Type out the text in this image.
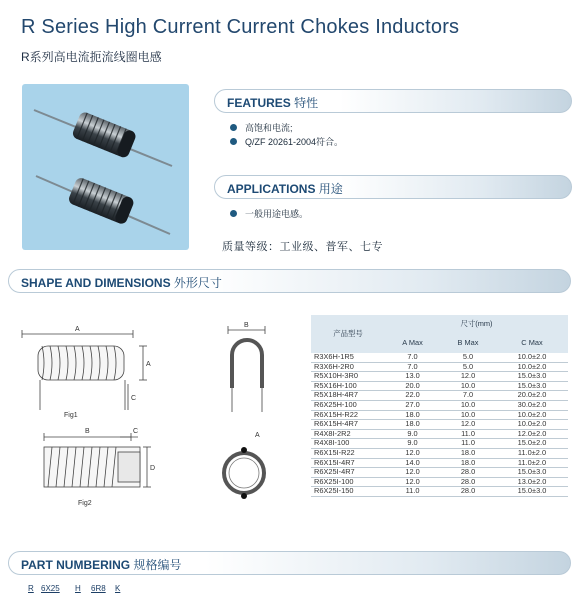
R Series High Current Current Chokes Inductors
R系列高电流扼流线圈电感
FEATURES 特性
高饱和电流;
Q/ZF 20261-2004符合。
APPLICATIONS 用途
一般用途电感。
质量等级：工业级、普军、七专
SHAPE AND DIMENSIONS 外形尺寸
A
A
C
Fig1
B	C
D
Fig2
B
A
产品型号	尺寸(mm)		
	A Max	B Max	C Max
R3X6H-1R5	7.0	5.0	10.0±2.0
R3X6H-2R0	7.0	5.0	10.0±2.0
R5X10H-3R0	13.0	12.0	15.0±3.0
R5X16H-100	20.0	10.0	15.0±3.0
R5X18H-4R7	22.0	7.0	20.0±2.0
R6X25H-100	27.0	10.0	30.0±2.0
R6X15H-R22	18.0	10.0	10.0±2.0
R6X15H-4R7	18.0	12.0	10.0±2.0
R4X8I-2R2	9.0	11.0	12.0±2.0
R4X8I-100	9.0	11.0	15.0±2.0
R6X15I-R22	12.0	18.0	11.0±2.0
R6X15I-4R7	14.0	18.0	11.0±2.0
R6X25I-4R7	12.0	28.0	15.0±3.0
R6X25I-100	12.0	28.0	13.0±2.0
R6X25I-150	11.0	28.0	15.0±3.0
PART NUMBERING 规格编号
R 6X25 H 6R8 K
